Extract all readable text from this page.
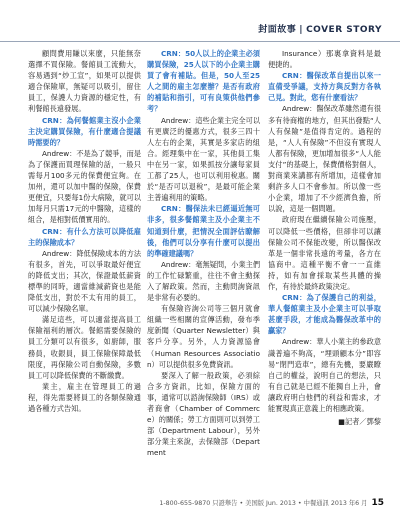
封面故事 | COVER STORY

顧問費用賺以來麼，只能無奈選擇不買保險。餐館員工流動大，容易遇到“炒工宣”，如果可以提供適合保險單，無疑可以吸引，留住員工，保護人力資源的穩定性，有利餐館長遠發展。

CRN：為何餐館業主沒小企業主決定購買保險，有什麼適合提議時需要的？

Andrew：不是為了競爭，而是為了保護而買理保險的話，一般只需每月100多元的保費便宜夠。在加州，還可以加中醫的保險，保費更便宜，只要每1份大病險，就可以加每月只需17元的中醫險，這樣的組合，是相對低價實用的。

CRN：有什么方法可以降低雇主的保險成本？

Andrew：降低保險成本的方法有很多，首先，可以爭取最好便宜的降低支出；其次，保證最低薪資標準的同時，適當維減薪資也是能降低支出，對於不太有用的員工，可以減少保險名單。

滿足這些，可以適當提高員工保險福利的層次。餐館需要保險的員工分類可以有很多，如廚師，服務員，收銀員，員工保險保障最低限度，再保險公司自動保險，多數員工可以降低保費的不斷繳費。

業主，雇主在管理員工的過程，得先需要將員工的各類保險通過各種方式告知。

CRN：50人以上的企業主必須購買保險，25人以下的小企業主購買了會有補貼。但是，50人至25人之間的雇主怎麼辦？是否有政府的補貼和指引，可有良策供他們參考？

Andrew：這些企業主完全可以有更廣泛的優惠方式，很多三四十人左右的企業，其實是多家店的組合。經理集中在一家，其他員工集中在另一家，如果抓按分讓每家員工都了25人，也可以利用稅惠。關於“是否可以退稅”，是最可能企業主普遍利用的策略。

CRN：醫保法未已經逼近無可非多，很多餐館業主及小企業主不知道到什麼，把情況全面評估瞭解後，他們可以分享有什麼可以提出的準確建議嗎？

Andrew：毫無疑問，小業主們的工作忙碌繁重，往往不會主動探入了解政策。然而，主動問詢資訊是非常有必要的。

有保險咨詢公司等三個月就會組織一些相關的宣傳活動，發布季度新聞（Quarter Newsletter）與客戶分享。另外，人力資源協會（Human Resources Association）可以提供很多免費資訊。

要深入了解一般政策，必須綜合多方資訊，比如，保險方面的事，通常可以諮詢保險師（IRS）或者商會（Chamber of Commerce）的關係；勞工方面則可以到勞工部（Department Labour），另外部分業主來說，去保險部（Department

Insurance）那裏拿資料是最便捷的。

CRN：醫保改革自提出以來一直備受爭議，支持方與反對方各執己見。對此，您有什麼看法？

Andrew：醫保改革雖然還有很多有待商権的地方，但其出發點“人人有保險”是值得肯定的。過程的是，“人人有保險”不但沒有實現人人都有保險，更加增加很多“人人能支付”的基礎上，保費價格對個人，對商業來講都有所增加，這樣會加剩許多人口不會參加。所以像一些小企業，增加了不少經濟負擔，所以說，這是一個問題。

政府現在繼續保險公司施壓，可以降低一些價格，但卻非可以讓保險公司不保能改變，所以醫保改革是一個非常長遠的考量，各方在協商中。這種平衡不會一一直維持，如有加會採取某些具體的操作，有待於最終政策決定。

CRN：為了保護自己的利益，華人餐館業主及小企業主可以爭取甚麼手段，才能成為醫保改革中的贏家？

Andrew：華人小業主的參政意識普遍不夠高，“埋頭顧本分”即容易“閉門造車”，總有先機，要嚴瞭自己的權益，說明自己的想法，只有自己就是已經不能獨自上升，會讓政府明白他們的利益和需求，才能實現真正意義上的相應政策。

■記者／鄧黎

1-800-655-9870 只證舉告 • 美国版 Jun. 2013 • 中餐通訊 2013 年6 月 15
